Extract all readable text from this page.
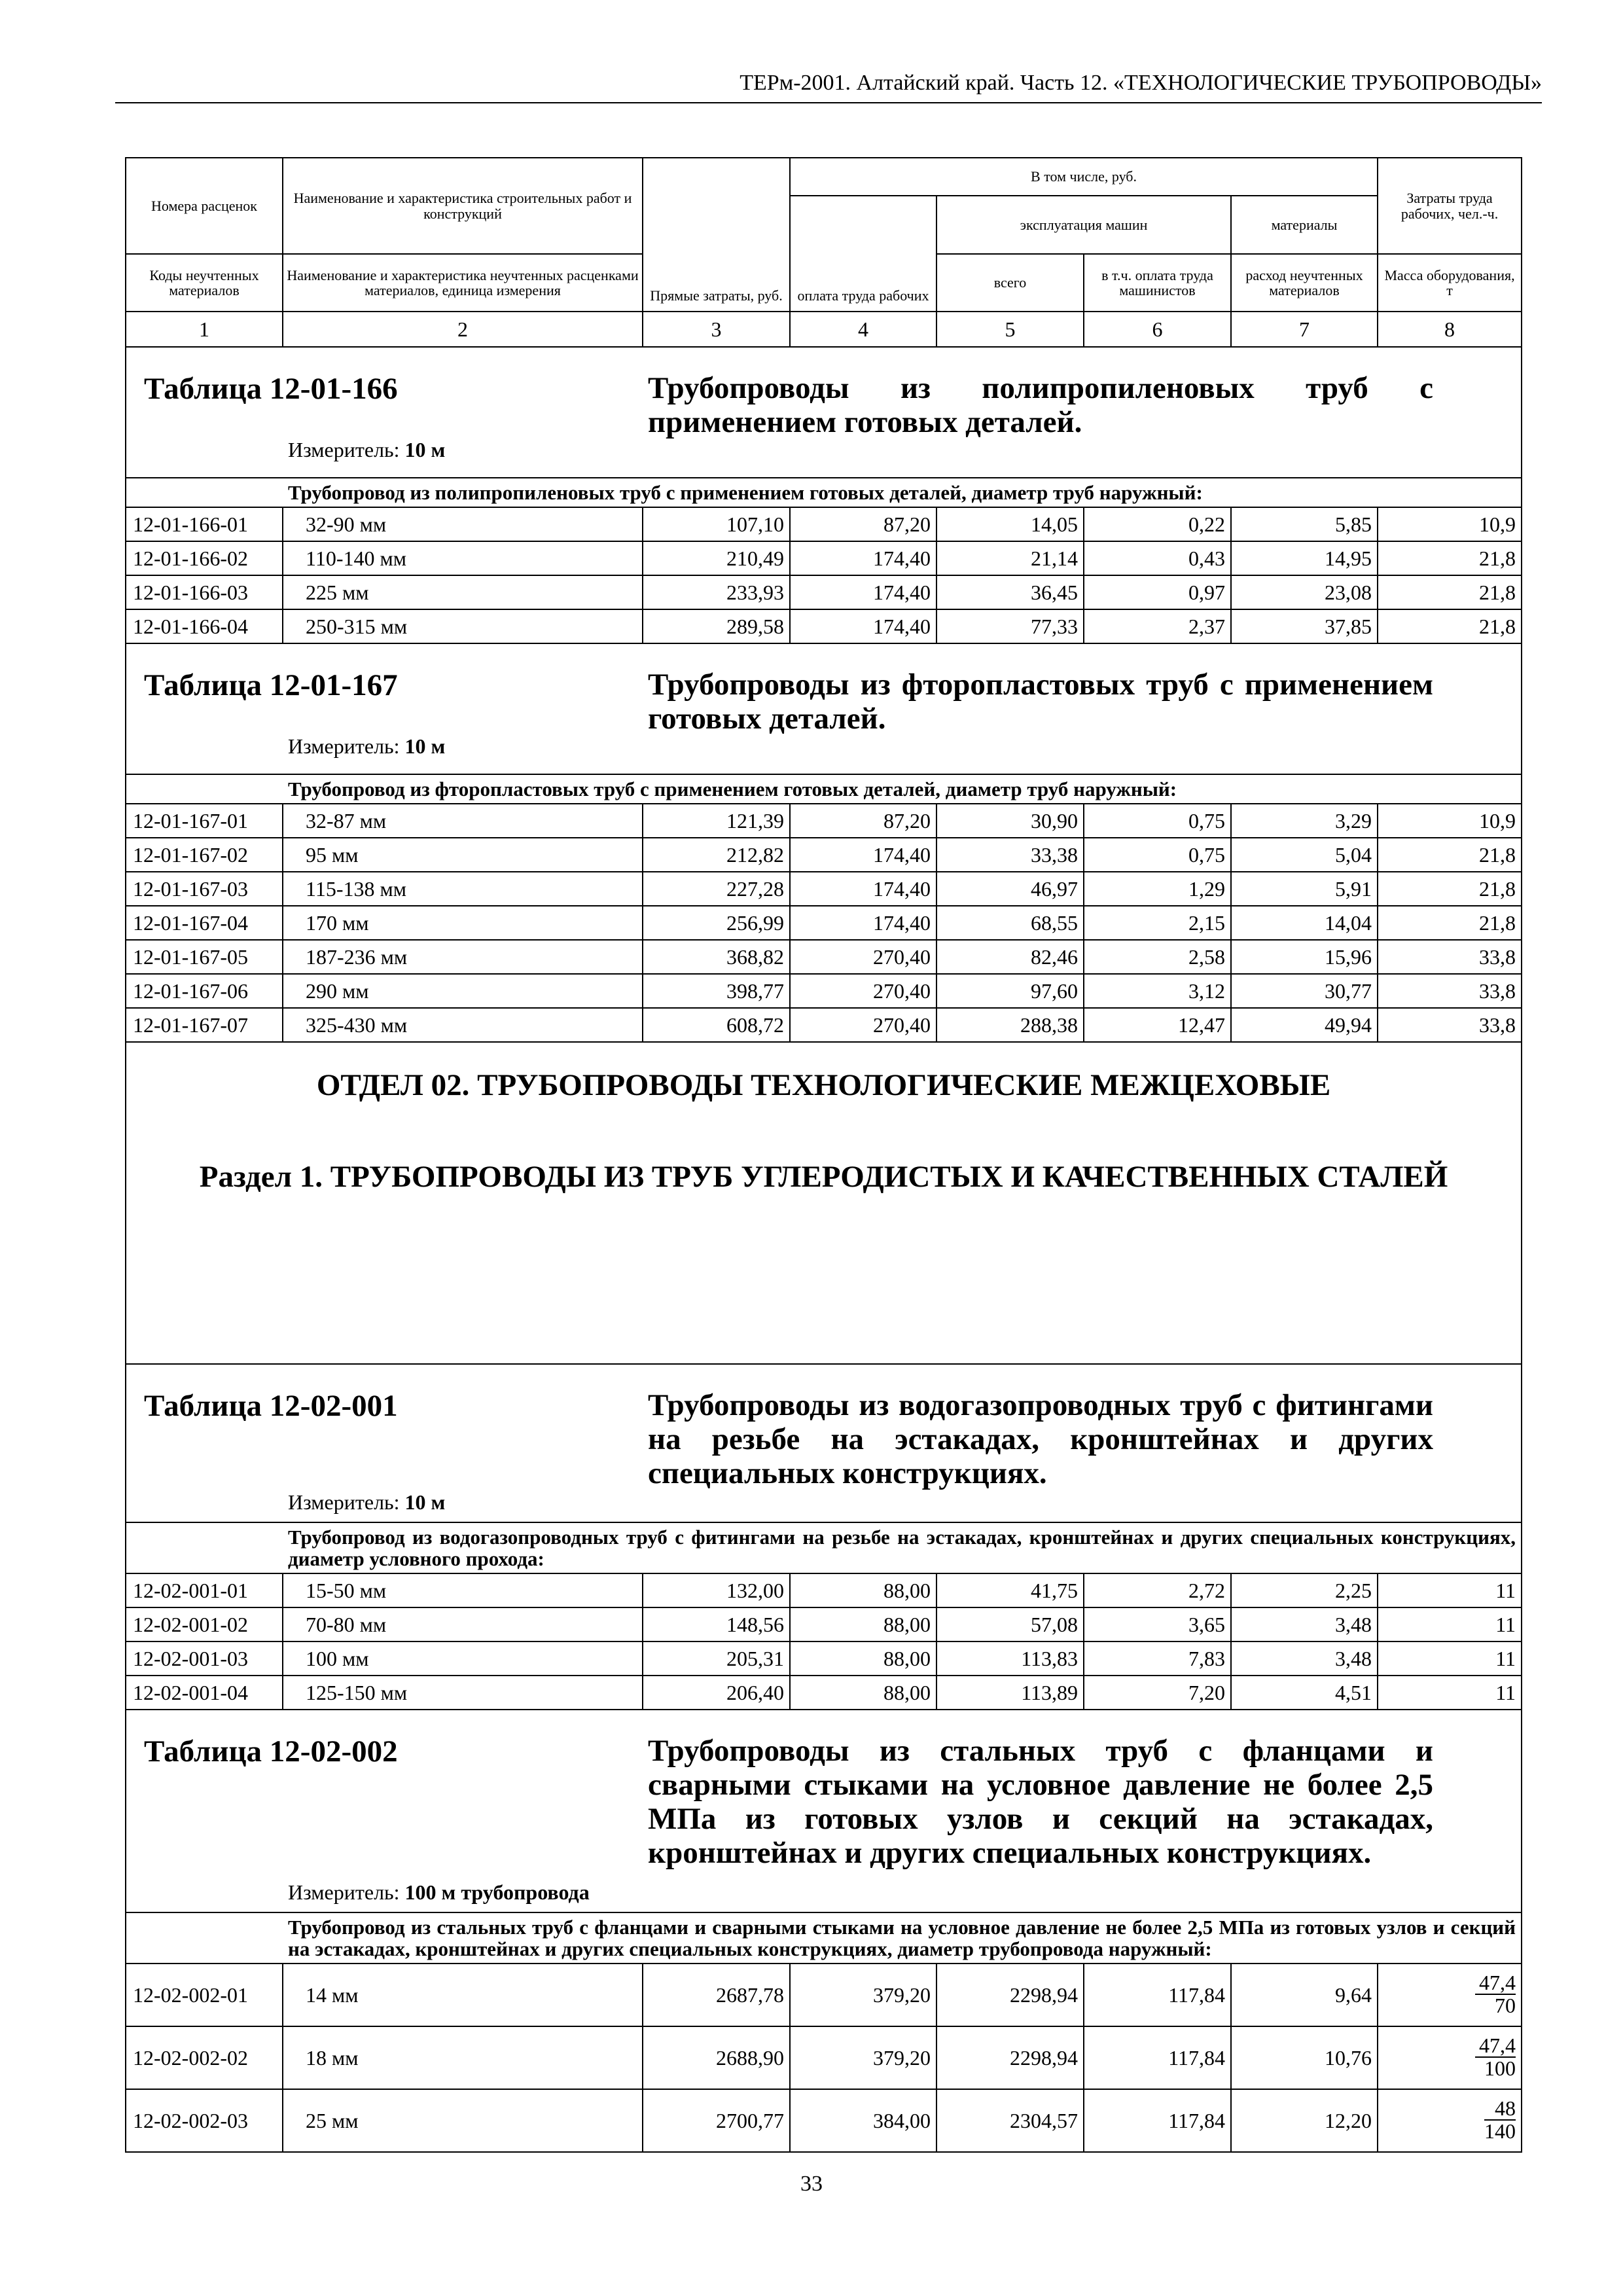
ТЕРм-2001. Алтайский край. Часть 12. «ТЕХНОЛОГИЧЕСКИЕ ТРУБОПРОВОДЫ»
Номера расценок	Наименование и характеристика строительных работ и конструкций	Прямые затраты, руб.	В том числе, руб.				Затраты труда рабочих, чел.-ч.
			оплата труда рабочих	эксплуатация машин		материалы	
Коды неучтенных материалов	Наименование и характеристика неучтенных расценками материалов, единица измерения			всего	в т.ч. оплата труда машинистов	расход неучтенных материалов	Масса оборудования, т
1	2	3	4	5	6	7	8

Таблица 12-01-166 Трубопроводы из полипропиленовых труб с применением готовых деталей.
Измеритель: 10 м							

Трубопровод из полипропиленовых труб с применением готовых деталей, диаметр труб наружный:							
12-01-166-01	32-90 мм	107,10	87,20	14,05	0,22	5,85	10,9
12-01-166-02	110-140 мм	210,49	174,40	21,14	0,43	14,95	21,8
12-01-166-03	225 мм	233,93	174,40	36,45	0,97	23,08	21,8
12-01-166-04	250-315 мм	289,58	174,40	77,33	2,37	37,85	21,8

Таблица 12-01-167 Трубопроводы из фторопластовых труб с применением готовых деталей.
Измеритель: 10 м							

Трубопровод из фторопластовых труб с применением готовых деталей, диаметр труб наружный:							
12-01-167-01	32-87 мм	121,39	87,20	30,90	0,75	3,29	10,9
12-01-167-02	95 мм	212,82	174,40	33,38	0,75	5,04	21,8
12-01-167-03	115-138 мм	227,28	174,40	46,97	1,29	5,91	21,8
12-01-167-04	170 мм	256,99	174,40	68,55	2,15	14,04	21,8
12-01-167-05	187-236 мм	368,82	270,40	82,46	2,58	15,96	33,8
12-01-167-06	290 мм	398,77	270,40	97,60	3,12	30,77	33,8
12-01-167-07	325-430 мм	608,72	270,40	288,38	12,47	49,94	33,8

ОТДЕЛ 02. ТРУБОПРОВОДЫ ТЕХНОЛОГИЧЕСКИЕ МЕЖЦЕХОВЫЕ
Раздел 1. ТРУБОПРОВОДЫ ИЗ ТРУБ УГЛЕРОДИСТЫХ И КАЧЕСТВЕННЫХ СТАЛЕЙ							

Таблица 12-02-001 Трубопроводы из водогазопроводных труб с фитингами на резьбе на эстакадах, кронштейнах и других специальных конструкциях.
Измеритель: 10 м							

Трубопровод из водогазопроводных труб с фитингами на резьбе на эстакадах, кронштейнах и других специальных конструкциях, диаметр условного прохода:							
12-02-001-01	15-50 мм	132,00	88,00	41,75	2,72	2,25	11
12-02-001-02	70-80 мм	148,56	88,00	57,08	3,65	3,48	11
12-02-001-03	100 мм	205,31	88,00	113,83	7,83	3,48	11
12-02-001-04	125-150 мм	206,40	88,00	113,89	7,20	4,51	11

Таблица 12-02-002 Трубопроводы из стальных труб с фланцами и сварными стыками на условное давление не более 2,5 МПа из готовых узлов и секций на эстакадах, кронштейнах и других специальных конструкциях.
Измеритель: 100 м трубопровода							

Трубопровод из стальных труб с фланцами и сварными стыками на условное давление не более 2,5 МПа из готовых узлов и секций на эстакадах, кронштейнах и других специальных конструкциях, диаметр трубопровода наружный:							
12-02-002-01	14 мм	2687,78	379,20	2298,94	117,84	9,64	$\frac{47,4}{70}$

12-02-002-02	18 мм	2688,90	379,20	2298,94	117,84	10,76	$\frac{47,4}{100}$

12-02-002-03	25 мм	2700,77	384,00	2304,57	117,84	12,20	$\frac{48}{140}$
33
